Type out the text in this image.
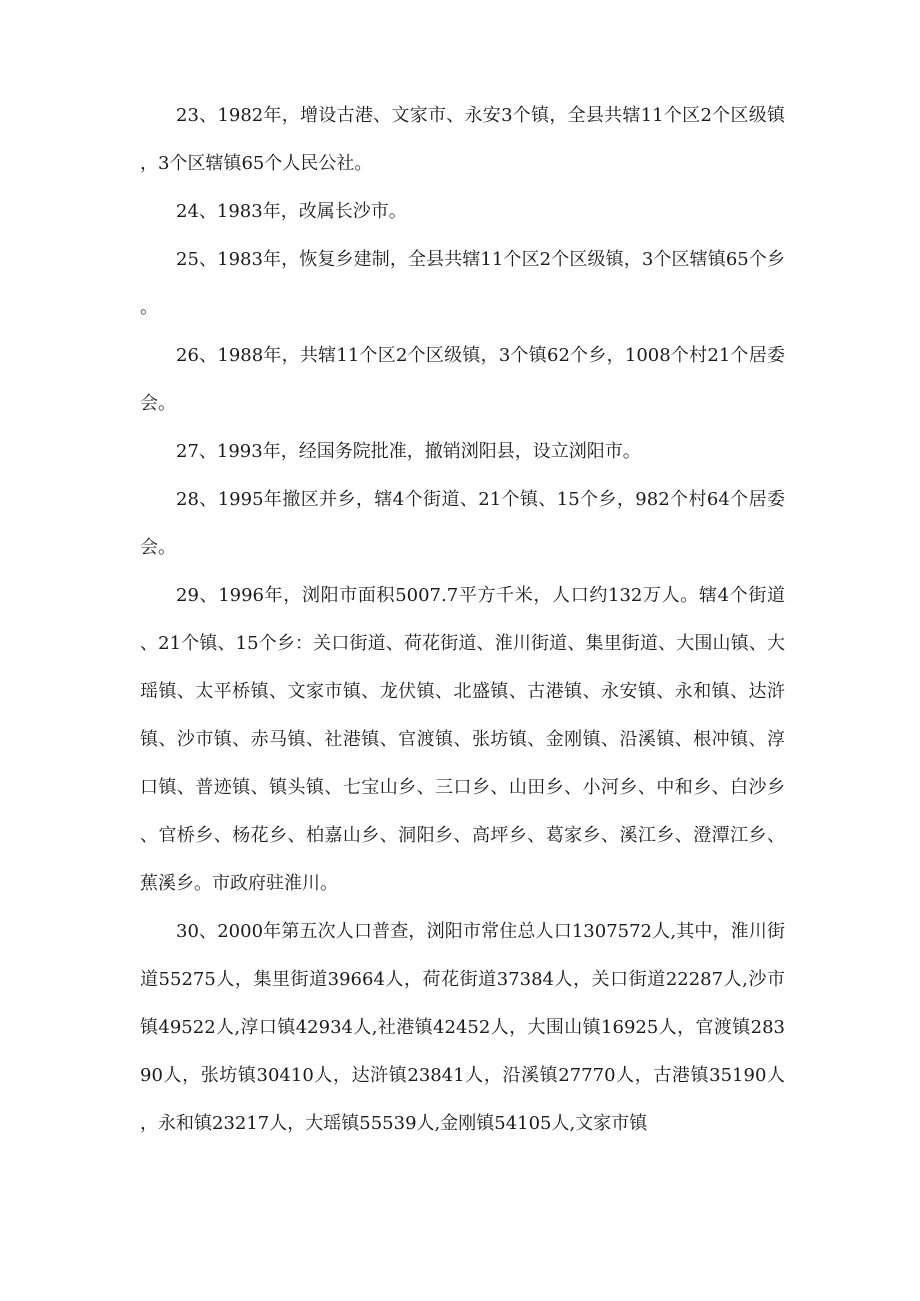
23、1982年，增设古港、文家市、永安3个镇，全县共辖11个区2个区级镇，3个区辖镇65个人民公社。

24、1983年，改属长沙市。

25、1983年，恢复乡建制，全县共辖11个区2个区级镇，3个区辖镇65个乡。

26、1988年，共辖11个区2个区级镇，3个镇62个乡，1008个村21个居委会。

27、1993年，经国务院批准，撤销浏阳县，设立浏阳市。

28、1995年撤区并乡，辖4个街道、21个镇、15个乡，982个村64个居委会。

29、1996年，浏阳市面积5007.7平方千米，人口约132万人。辖4个街道、21个镇、15个乡：关口街道、荷花街道、淮川街道、集里街道、大围山镇、大瑶镇、太平桥镇、文家市镇、龙伏镇、北盛镇、古港镇、永安镇、永和镇、达浒镇、沙市镇、赤马镇、社港镇、官渡镇、张坊镇、金刚镇、沿溪镇、根冲镇、淳口镇、普迹镇、镇头镇、七宝山乡、三口乡、山田乡、小河乡、中和乡、白沙乡、官桥乡、杨花乡、柏嘉山乡、洞阳乡、高坪乡、葛家乡、溪江乡、澄潭江乡、蕉溪乡。市政府驻淮川。

30、2000年第五次人口普查，浏阳市常住总人口1307572人,其中，淮川街道55275人，集里街道39664人，荷花街道37384人，关口街道22287人,沙市镇49522人,淳口镇42934人,社港镇42452人，大围山镇16925人，官渡镇28390人，张坊镇30410人，达浒镇23841人，沿溪镇27770人，古港镇35190人，永和镇23217人，大瑶镇55539人,金刚镇54105人,文家市镇
